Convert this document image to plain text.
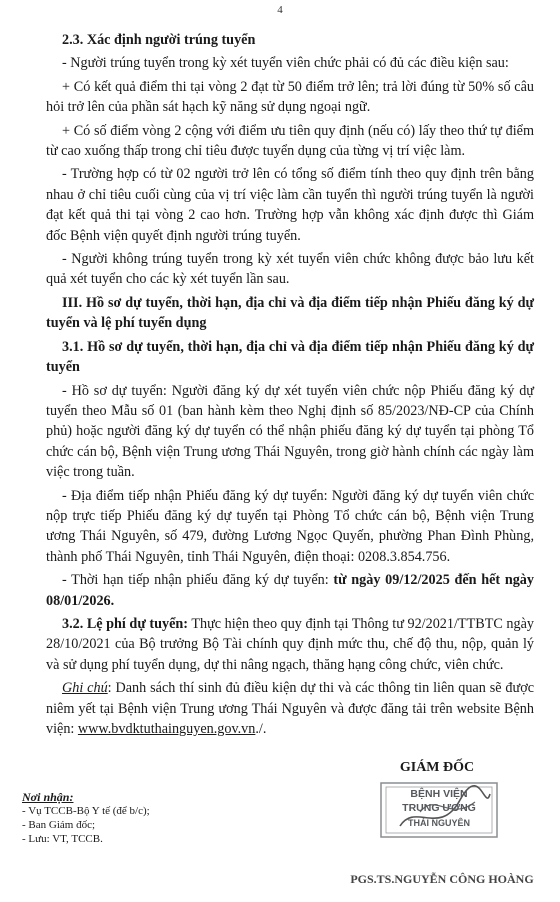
4

2.3. Xác định người trúng tuyển

- Người trúng tuyển trong kỳ xét tuyển viên chức phải có đủ các điều kiện sau:

+ Có kết quả điểm thi tại vòng 2 đạt từ 50 điểm trở lên; trả lời đúng từ 50% số câu hỏi trở lên của phần sát hạch kỹ năng sử dụng ngoại ngữ.

+ Có số điểm vòng 2 cộng với điểm ưu tiên quy định (nếu có) lấy theo thứ tự điểm từ cao xuống thấp trong chỉ tiêu được tuyển dụng của từng vị trí việc làm.

- Trường hợp có từ 02 người trở lên có tổng số điểm tính theo quy định trên bằng nhau ở chỉ tiêu cuối cùng của vị trí việc làm cần tuyển thì người trúng tuyển là người đạt kết quả thi tại vòng 2 cao hơn. Trường hợp vẫn không xác định được thì Giám đốc Bệnh viện quyết định người trúng tuyển.

- Người không trúng tuyển trong kỳ xét tuyển viên chức không được bảo lưu kết quả xét tuyển cho các kỳ xét tuyển lần sau.

III. Hồ sơ dự tuyển, thời hạn, địa chỉ và địa điểm tiếp nhận Phiếu đăng ký dự tuyển và lệ phí tuyển dụng

3.1. Hồ sơ dự tuyển, thời hạn, địa chỉ và địa điểm tiếp nhận Phiếu đăng ký dự tuyển

- Hồ sơ dự tuyển: Người đăng ký dự xét tuyển viên chức nộp Phiếu đăng ký dự tuyển theo Mẫu số 01 (ban hành kèm theo Nghị định số 85/2023/NĐ-CP của Chính phủ) hoặc người đăng ký dự tuyển có thể nhận phiếu đăng ký dự tuyển tại phòng Tổ chức cán bộ, Bệnh viện Trung ương Thái Nguyên, trong giờ hành chính các ngày làm việc trong tuần.

- Địa điểm tiếp nhận Phiếu đăng ký dự tuyển: Người đăng ký dự tuyển viên chức nộp trực tiếp Phiếu đăng ký dự tuyển tại Phòng Tổ chức cán bộ, Bệnh viện Trung ương Thái Nguyên, số 479, đường Lương Ngọc Quyến, phường Phan Đình Phùng, thành phố Thái Nguyên, tỉnh Thái Nguyên, điện thoại: 0208.3.854.756.

- Thời hạn tiếp nhận phiếu đăng ký dự tuyển: từ ngày 09/12/2025 đến hết ngày 08/01/2026.

3.2. Lệ phí dự tuyển: Thực hiện theo quy định tại Thông tư 92/2021/TTBTC ngày 28/10/2021 của Bộ trưởng Bộ Tài chính quy định mức thu, chế độ thu, nộp, quản lý và sử dụng phí tuyển dụng, dự thi nâng ngạch, thăng hạng công chức, viên chức.

Ghi chú: Danh sách thí sinh đủ điều kiện dự thi và các thông tin liên quan sẽ được niêm yết tại Bệnh viện Trung ương Thái Nguyên và được đăng tải trên website Bệnh viện: www.bvdktuthainguyen.gov.vn./.

Nơi nhận:
- Vụ TCCB-Bộ Y tế (để b/c);
- Ban Giám đốc;
- Lưu: VT, TCCB.
GIÁM ĐỐC
BỆNH VIỆN
TRUNG ƯƠNG
THÁI NGUYÊN
PGS.TS.NGUYỄN CÔNG HOÀNG
